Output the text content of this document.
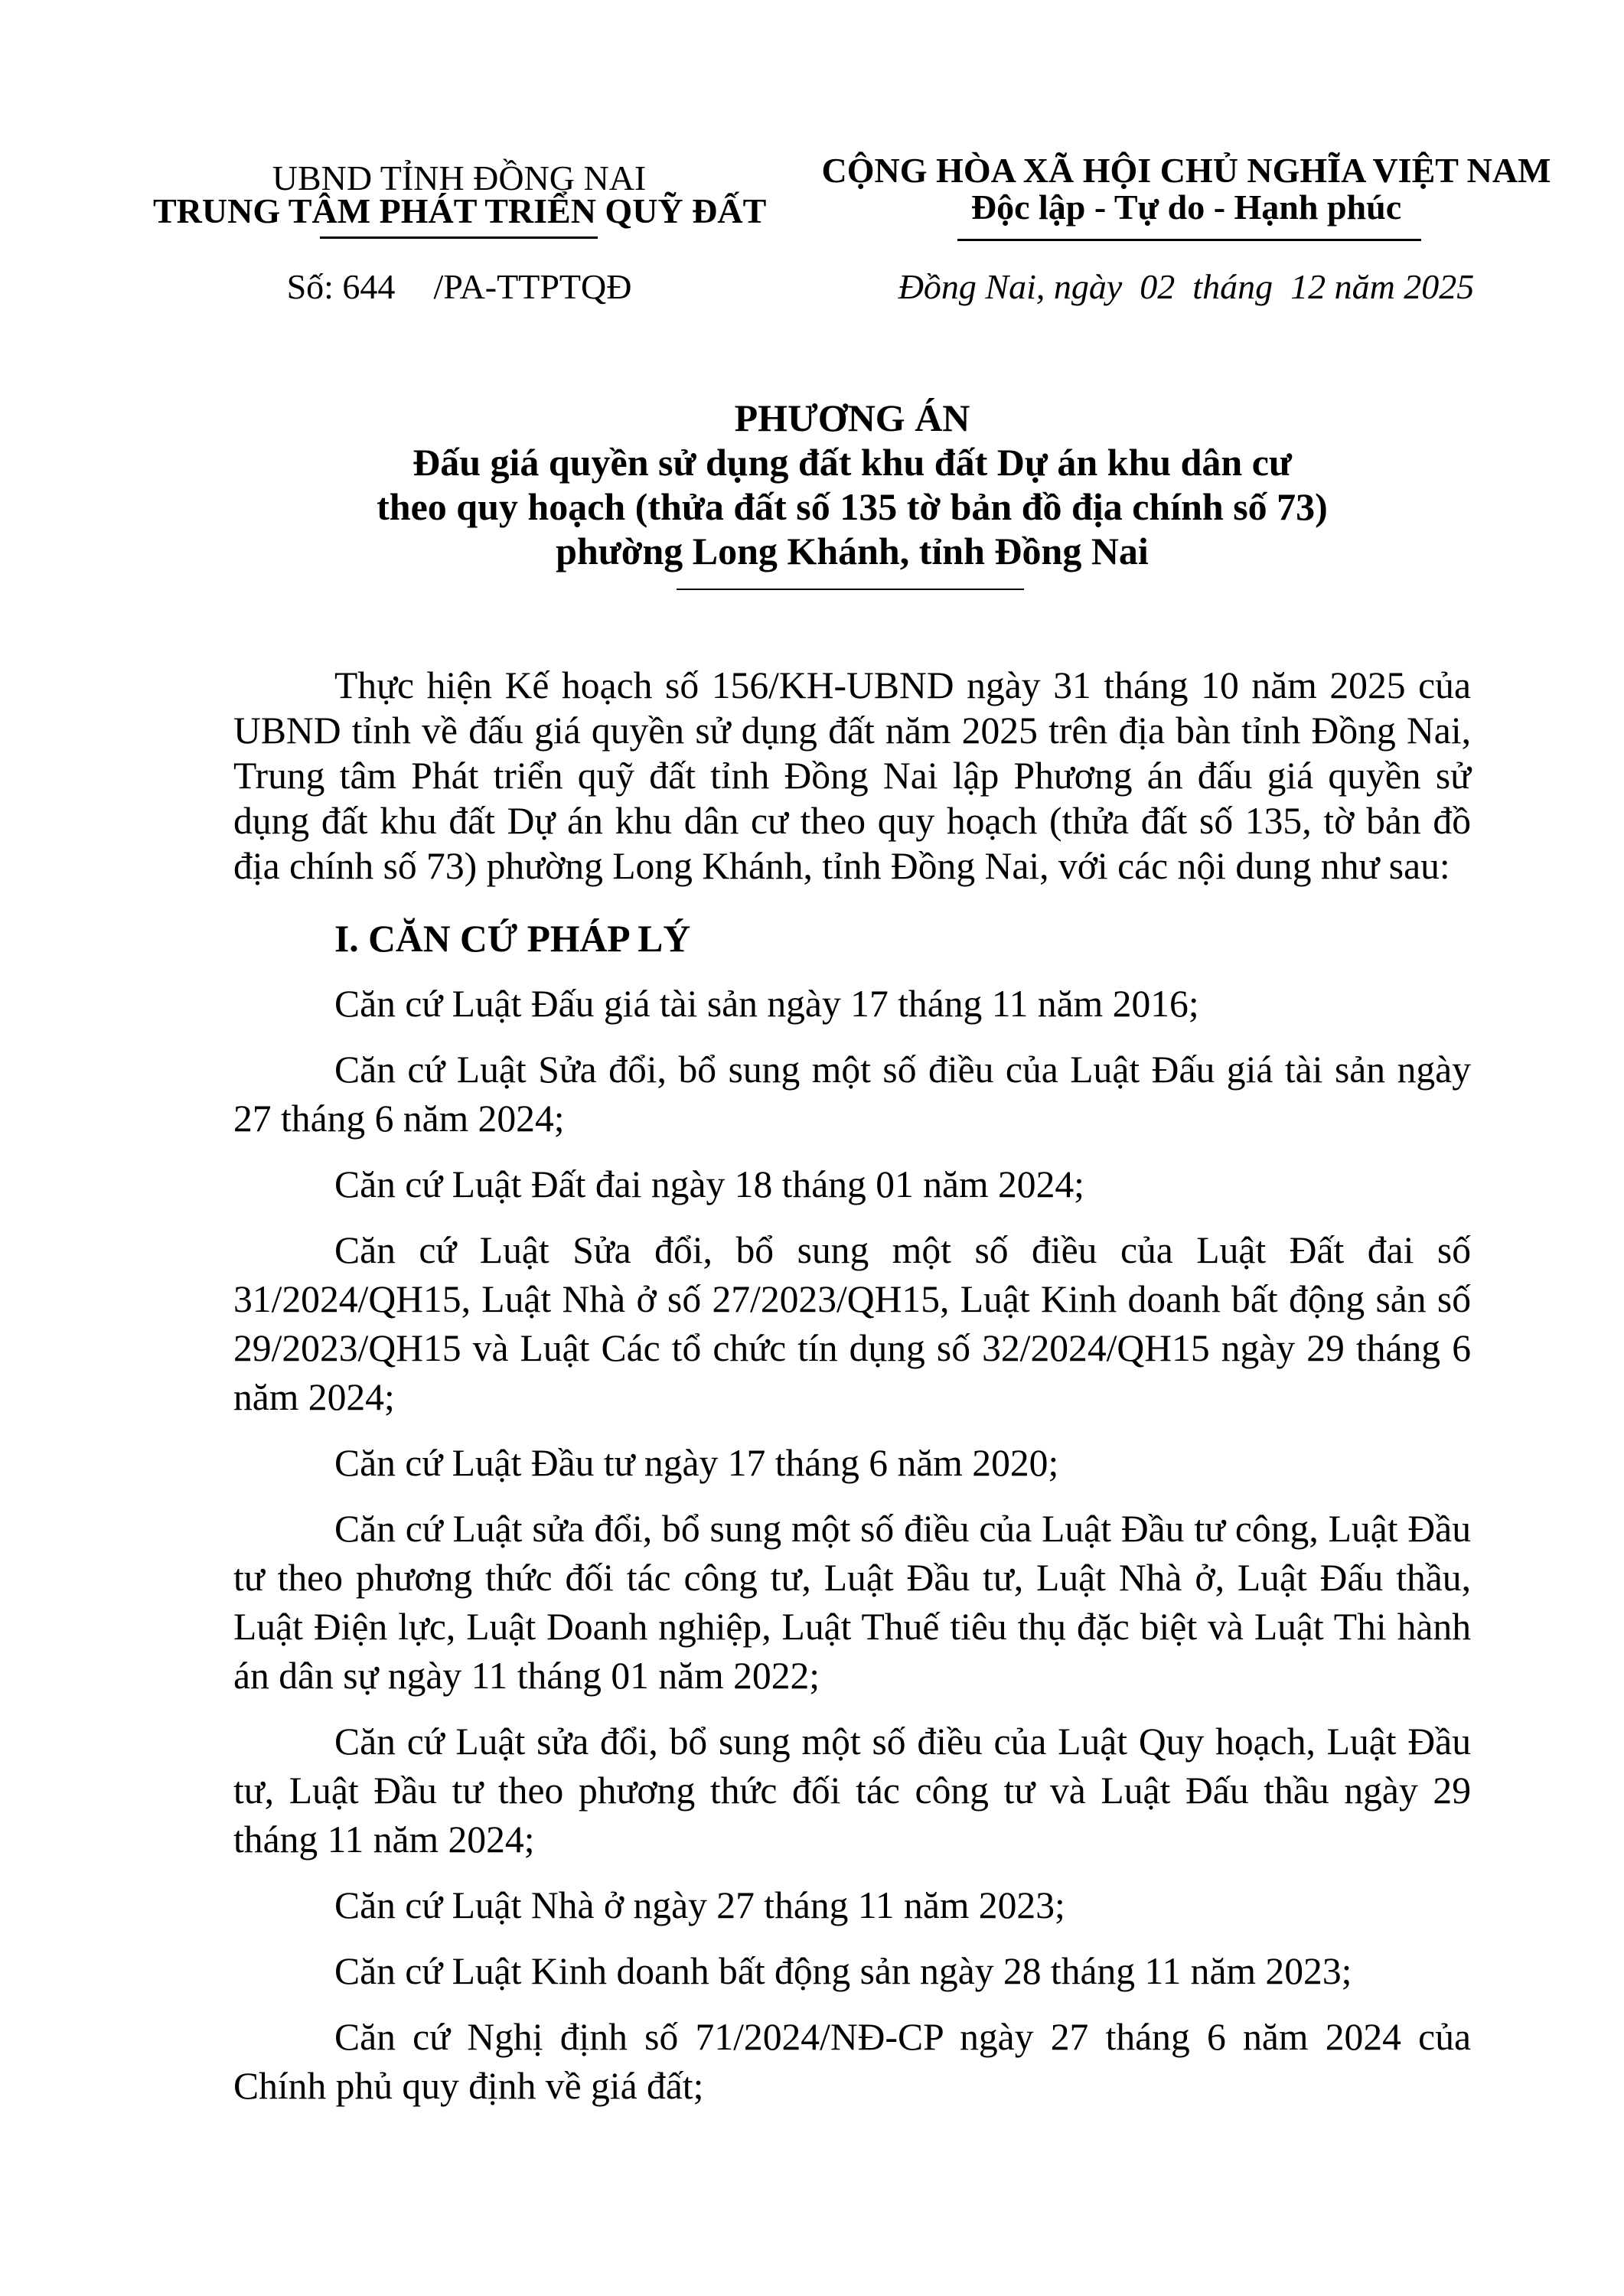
UBND TỈNH ĐỒNG NAI
TRUNG TÂM PHÁT TRIỂN QUỸ ĐẤT
Số: 644 /PA-TTPTQĐ
CỘNG HÒA XÃ HỘI CHỦ NGHĨA VIỆT NAM
Độc lập - Tự do - Hạnh phúc
Đồng Nai, ngày  02  tháng  12 năm 2025
PHƯƠNG ÁN
Đấu giá quyền sử dụng đất khu đất Dự án khu dân cư
theo quy hoạch (thửa đất số 135 tờ bản đồ địa chính số 73)
phường Long Khánh, tỉnh Đồng Nai

Thực hiện Kế hoạch số 156/KH-UBND ngày 31 tháng 10 năm 2025 của UBND tỉnh về đấu giá quyền sử dụng đất năm 2025 trên địa bàn tỉnh Đồng Nai, Trung tâm Phát triển quỹ đất tỉnh Đồng Nai lập Phương án đấu giá quyền sử dụng đất khu đất Dự án khu dân cư theo quy hoạch (thửa đất số 135, tờ bản đồ địa chính số 73) phường Long Khánh, tỉnh Đồng Nai, với các nội dung như sau:

I. CĂN CỨ PHÁP LÝ

Căn cứ Luật Đấu giá tài sản ngày 17 tháng 11 năm 2016;

Căn cứ Luật Sửa đổi, bổ sung một số điều của Luật Đấu giá tài sản ngày 27 tháng 6 năm 2024;

Căn cứ Luật Đất đai ngày 18 tháng 01 năm 2024;

Căn cứ Luật Sửa đổi, bổ sung một số điều của Luật Đất đai số 31/2024/QH15, Luật Nhà ở số 27/2023/QH15, Luật Kinh doanh bất động sản số 29/2023/QH15 và Luật Các tổ chức tín dụng số 32/2024/QH15 ngày 29 tháng 6 năm 2024;

Căn cứ Luật Đầu tư ngày 17 tháng 6 năm 2020;

Căn cứ Luật sửa đổi, bổ sung một số điều của Luật Đầu tư công, Luật Đầu tư theo phương thức đối tác công tư, Luật Đầu tư, Luật Nhà ở, Luật Đấu thầu, Luật Điện lực, Luật Doanh nghiệp, Luật Thuế tiêu thụ đặc biệt và Luật Thi hành án dân sự ngày 11 tháng 01 năm 2022;

Căn cứ Luật sửa đổi, bổ sung một số điều của Luật Quy hoạch, Luật Đầu tư, Luật Đầu tư theo phương thức đối tác công tư và Luật Đấu thầu ngày 29 tháng 11 năm 2024;

Căn cứ Luật Nhà ở ngày 27 tháng 11 năm 2023;

Căn cứ Luật Kinh doanh bất động sản ngày 28 tháng 11 năm 2023;

Căn cứ Nghị định số 71/2024/NĐ-CP ngày 27 tháng 6 năm 2024 của Chính phủ quy định về giá đất;
